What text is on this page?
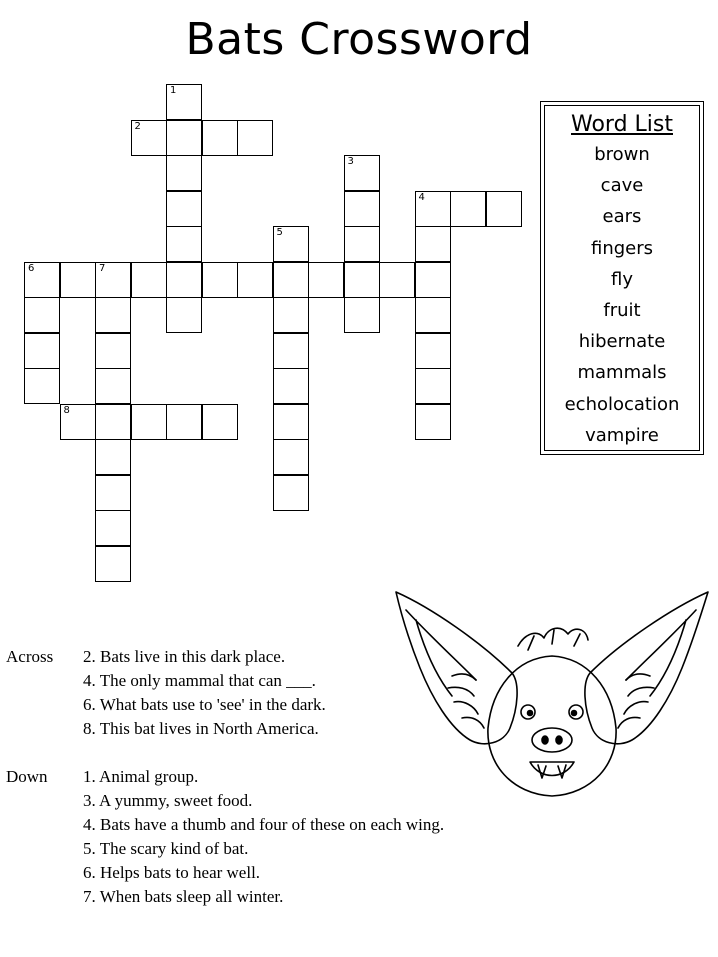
Bats Crossword
1
2
3
4
5
6	7
8
Word List
brown
cave
ears
fingers
fly
fruit
hibernate
mammals
echolocation
vampire
Across 2. Bats live in this dark place.
4. The only mammal that can ___.
6. What bats use to 'see' in the dark.
8. This bat lives in North America.
Down 1. Animal group.
3. A yummy, sweet food.
4. Bats have a thumb and four of these on each wing.
5. The scary kind of bat.
6. Helps bats to hear well.
7. When bats sleep all winter.
